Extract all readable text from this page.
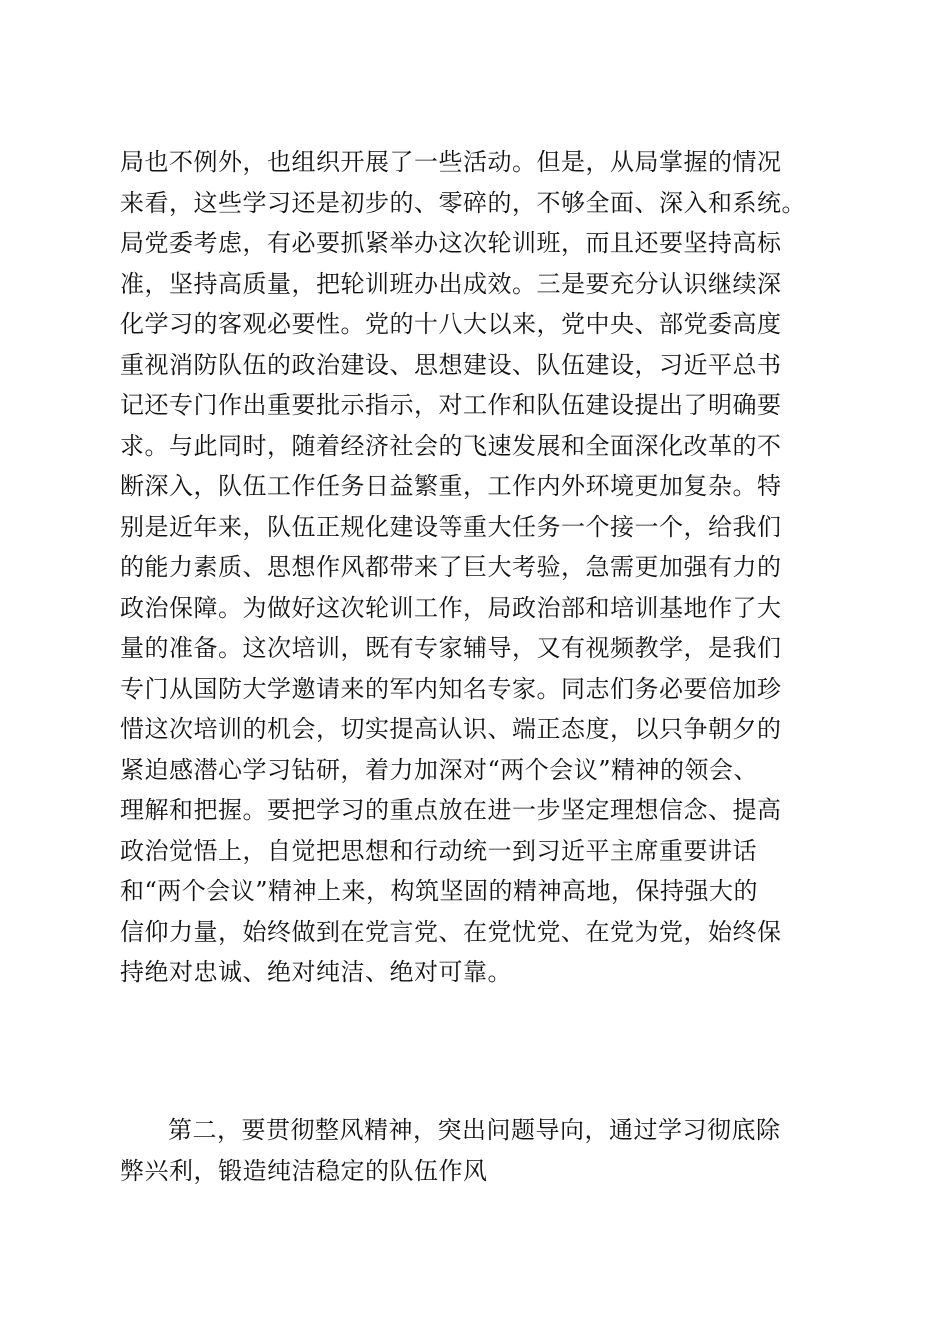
局也不例外，也组织开展了一些活动。但是，从局掌握的情况
来看，这些学习还是初步的、零碎的，不够全面、深入和系统。
局党委考虑，有必要抓紧举办这次轮训班，而且还要坚持高标
准，坚持高质量，把轮训班办出成效。三是要充分认识继续深
化学习的客观必要性。党的十八大以来，党中央、部党委高度
重视消防队伍的政治建设、思想建设、队伍建设，习近平总书
记还专门作出重要批示指示，对工作和队伍建设提出了明确要
求。与此同时，随着经济社会的飞速发展和全面深化改革的不
断深入，队伍工作任务日益繁重，工作内外环境更加复杂。特
别是近年来，队伍正规化建设等重大任务一个接一个，给我们
的能力素质、思想作风都带来了巨大考验，急需更加强有力的
政治保障。为做好这次轮训工作，局政治部和培训基地作了大
量的准备。这次培训，既有专家辅导，又有视频教学，是我们
专门从国防大学邀请来的军内知名专家。同志们务必要倍加珍
惜这次培训的机会，切实提高认识、端正态度，以只争朝夕的
紧迫感潜心学习钻研，着力加深对“两个会议”精神的领会、
理解和把握。要把学习的重点放在进一步坚定理想信念、提高
政治觉悟上，自觉把思想和行动统一到习近平主席重要讲话
和“两个会议”精神上来，构筑坚固的精神高地，保持强大的
信仰力量，始终做到在党言党、在党忧党、在党为党，始终保
持绝对忠诚、绝对纯洁、绝对可靠。
第二，要贯彻整风精神，突出问题导向，通过学习彻底除
弊兴利，锻造纯洁稳定的队伍作风
